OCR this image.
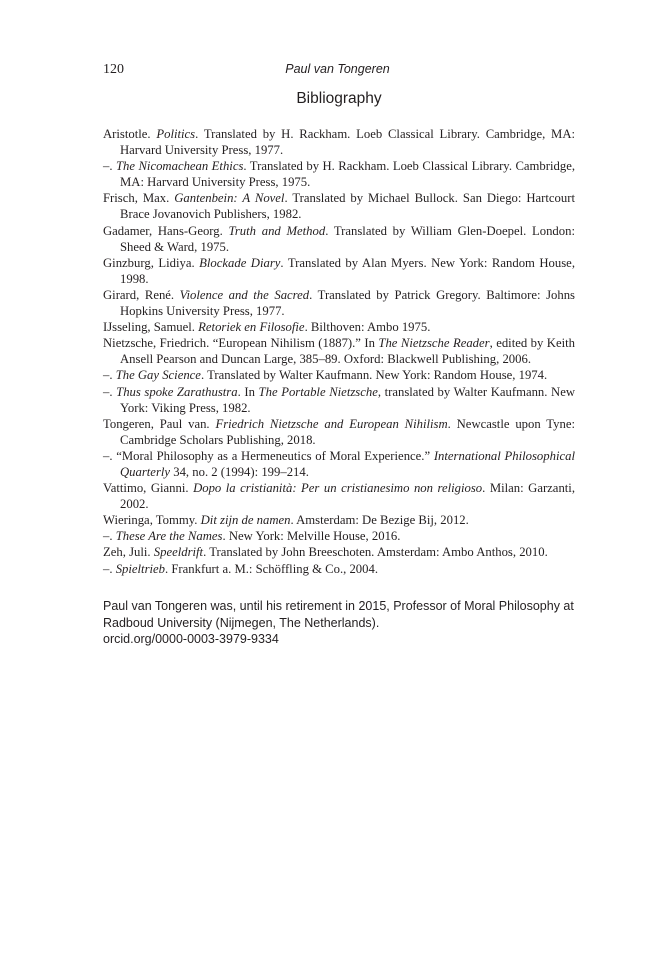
120	Paul van Tongeren
Bibliography
Aristotle. Politics. Translated by H. Rackham. Loeb Classical Library. Cambridge, MA: Harvard University Press, 1977.
–. The Nicomachean Ethics. Translated by H. Rackham. Loeb Classical Library. Cambridge, MA: Harvard University Press, 1975.
Frisch, Max. Gantenbein: A Novel. Translated by Michael Bullock. San Diego: Hartcourt Brace Jovanovich Publishers, 1982.
Gadamer, Hans-Georg. Truth and Method. Translated by William Glen-Doepel. London: Sheed & Ward, 1975.
Ginzburg, Lidiya. Blockade Diary. Translated by Alan Myers. New York: Random House, 1998.
Girard, René. Violence and the Sacred. Translated by Patrick Gregory. Baltimore: Johns Hopkins University Press, 1977.
IJsseling, Samuel. Retoriek en Filosofie. Bilthoven: Ambo 1975.
Nietzsche, Friedrich. “European Nihilism (1887).” In The Nietzsche Reader, edited by Keith Ansell Pearson and Duncan Large, 385–89. Oxford: Blackwell Publishing, 2006.
–. The Gay Science. Translated by Walter Kaufmann. New York: Random House, 1974.
–. Thus spoke Zarathustra. In The Portable Nietzsche, translated by Walter Kaufmann. New York: Viking Press, 1982.
Tongeren, Paul van. Friedrich Nietzsche and European Nihilism. Newcastle upon Tyne: Cambridge Scholars Publishing, 2018.
–. “Moral Philosophy as a Hermeneutics of Moral Experience.” International Philosophical Quarterly 34, no. 2 (1994): 199–214.
Vattimo, Gianni. Dopo la cristianità: Per un cristianesimo non religioso. Milan: Garzanti, 2002.
Wieringa, Tommy. Dit zijn de namen. Amsterdam: De Bezige Bij, 2012.
–. These Are the Names. New York: Melville House, 2016.
Zeh, Juli. Speeldrift. Translated by John Breeschoten. Amsterdam: Ambo Anthos, 2010.
–. Spieltrieb. Frankfurt a. M.: Schöffling & Co., 2004.

Paul van Tongeren was, until his retirement in 2015, Professor of Moral Philosophy at Radboud University (Nijmegen, The Netherlands).

orcid.org/0000-0003-3979-9334
